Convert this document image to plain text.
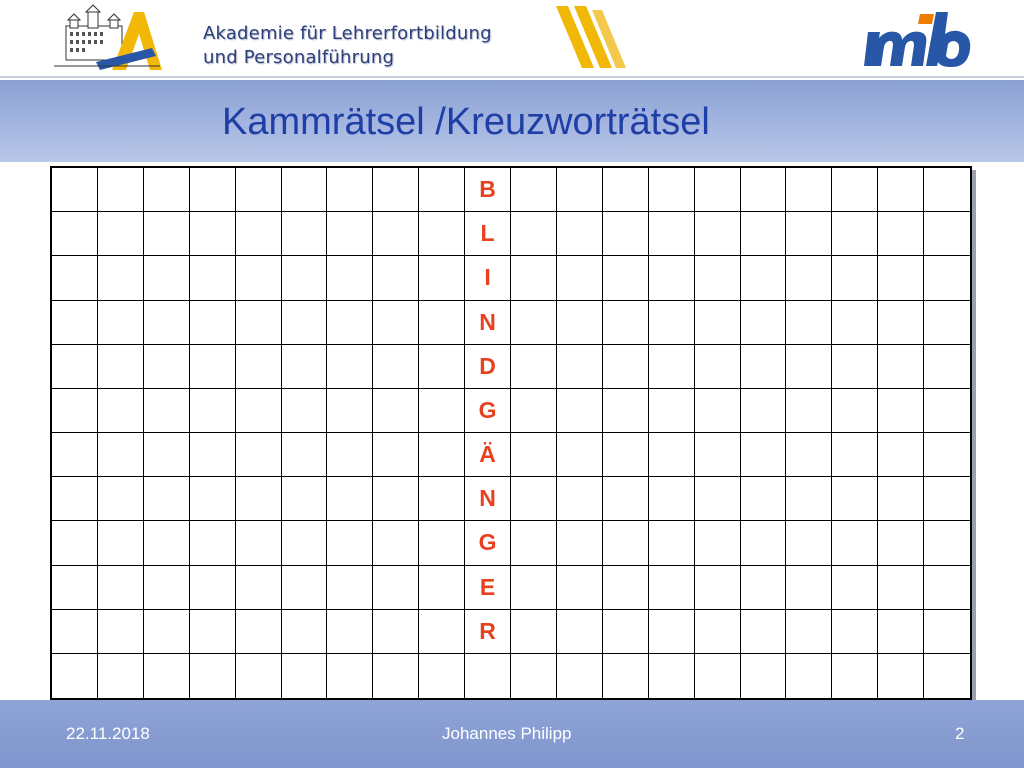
Akademie für Lehrerfortbildung
und Personalführung
Kammrätsel /Kreuzworträtsel
B
L
I
N
D
G
Ä
N
G
E
R
22.11.2018	Johannes Philipp	2
